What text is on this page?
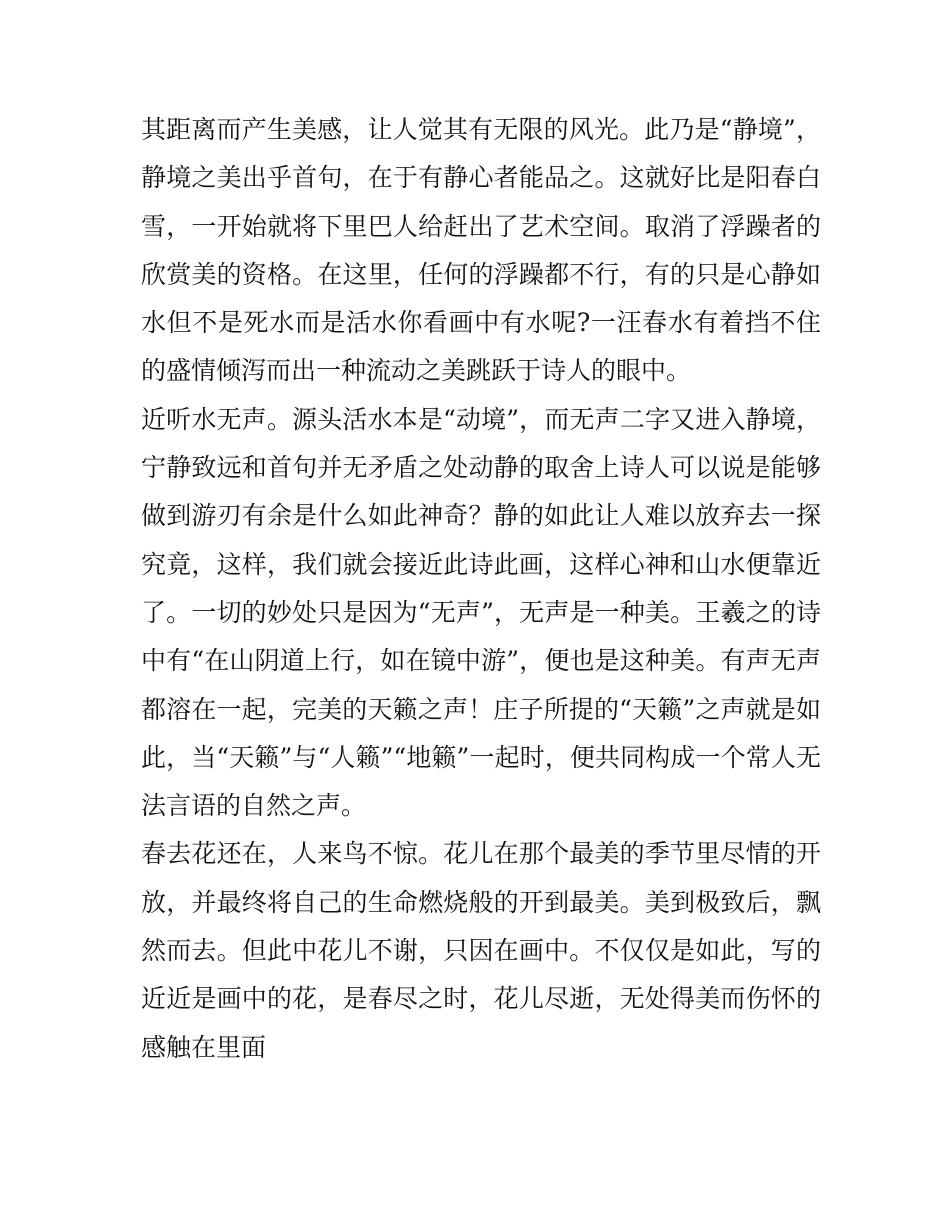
其距离而产生美感，让人觉其有无限的风光。此乃是“静境”，
静境之美出乎首句，在于有静心者能品之。这就好比是阳春白
雪，一开始就将下里巴人给赶出了艺术空间。取消了浮躁者的
欣赏美的资格。在这里，任何的浮躁都不行，有的只是心静如
水但不是死水而是活水你看画中有水呢?一汪春水有着挡不住
的盛情倾泻而出一种流动之美跳跃于诗人的眼中。
近听水无声。源头活水本是“动境”，而无声二字又进入静境，
宁静致远和首句并无矛盾之处动静的取舍上诗人可以说是能够
做到游刃有余是什么如此神奇？静的如此让人难以放弃去一探
究竟，这样，我们就会接近此诗此画，这样心神和山水便靠近
了。一切的妙处只是因为“无声”，无声是一种美。王羲之的诗
中有“在山阴道上行，如在镜中游”，便也是这种美。有声无声
都溶在一起，完美的天籁之声！庄子所提的“天籁”之声就是如
此，当“天籁”与“人籁”“地籁”一起时，便共同构成一个常人无
法言语的自然之声。
春去花还在，人来鸟不惊。花儿在那个最美的季节里尽情的开
放，并最终将自己的生命燃烧般的开到最美。美到极致后，飘
然而去。但此中花儿不谢，只因在画中。不仅仅是如此，写的
近近是画中的花，是春尽之时，花儿尽逝，无处得美而伤怀的
感触在里面
